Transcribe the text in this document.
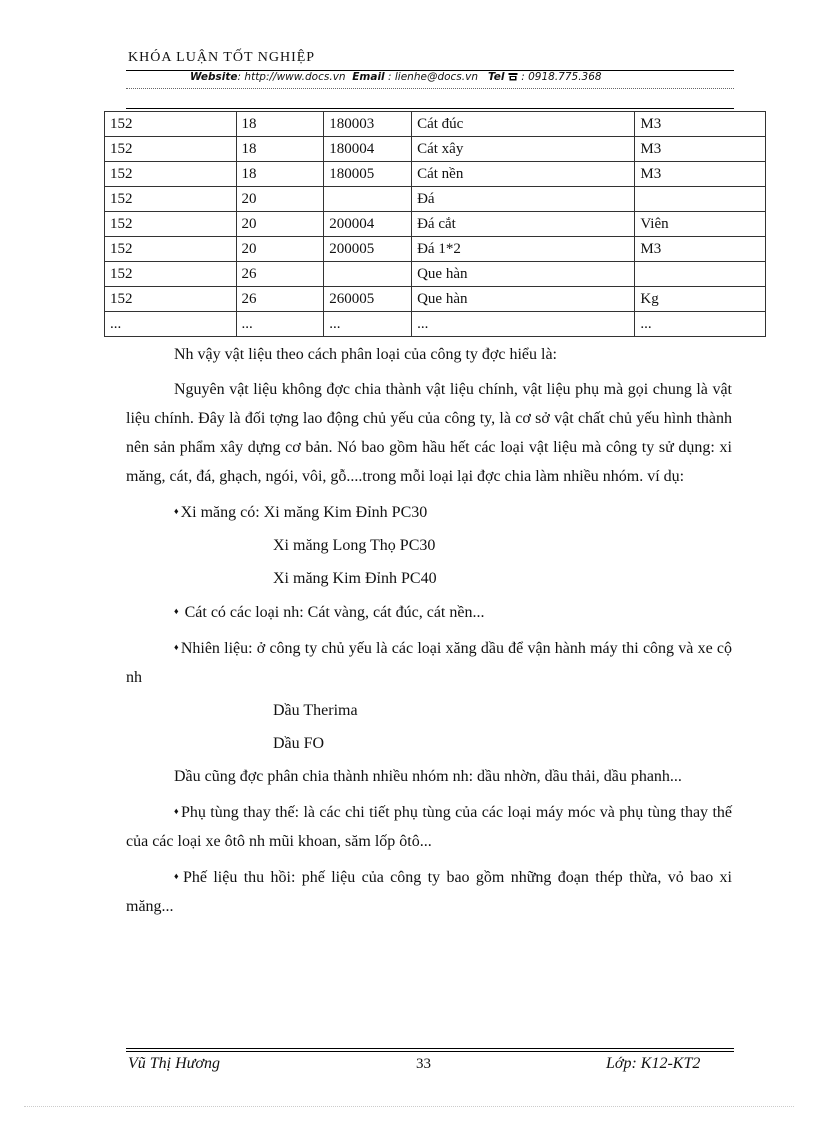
KHÓA LUẬN TỐT NGHIỆP
Website: http://www.docs.vn Email : lienhe@docs.vn Tel : 0918.775.368
152	18	180003	Cát đúc	M3
152	18	180004	Cát xây	M3
152	18	180005	Cát nền	M3
152	20		Đá	
152	20	200004	Đá cắt	Viên
152	20	200005	Đá 1*2	M3
152	26		Que hàn	
152	26	260005	Que hàn	Kg
...	...	...	...	...

Nh vậy vật liệu theo cách phân loại của công ty đợc hiểu là:

Nguyên vật liệu không đợc chia thành vật liệu chính, vật liệu phụ mà gọi chung là vật liệu chính. Đây là đối tợng lao động chủ yếu của công ty, là cơ sở vật chất chủ yếu hình thành nên sản phẩm xây dựng cơ bản. Nó bao gồm hầu hết các loại vật liệu mà công ty sử dụng: xi măng, cát, đá, ghạch, ngói, vôi, gỗ....trong mỗi loại lại đợc chia làm nhiều nhóm. ví dụ:

♦ Xi măng có: Xi măng Kim Đỉnh PC30

Xi măng Long Thọ PC30

Xi măng Kim Đỉnh PC40

♦ Cát có các loại nh: Cát vàng, cát đúc, cát nền...

♦ Nhiên liệu: ở công ty chủ yếu là các loại xăng dầu để vận hành máy thi công và xe cộ nh

Dầu Therima

Dầu FO

Dầu cũng đợc phân chia thành nhiều nhóm nh: dầu nhờn, dầu thải, dầu phanh...

♦ Phụ tùng thay thế: là các chi tiết phụ tùng của các loại máy móc và phụ tùng thay thế của các loại xe ôtô nh mũi khoan, săm lốp ôtô...

♦ Phế liệu thu hồi: phế liệu của công ty bao gồm những đoạn thép thừa, vỏ bao xi măng...

Vũ Thị Hương	33	Lớp: K12-KT2
